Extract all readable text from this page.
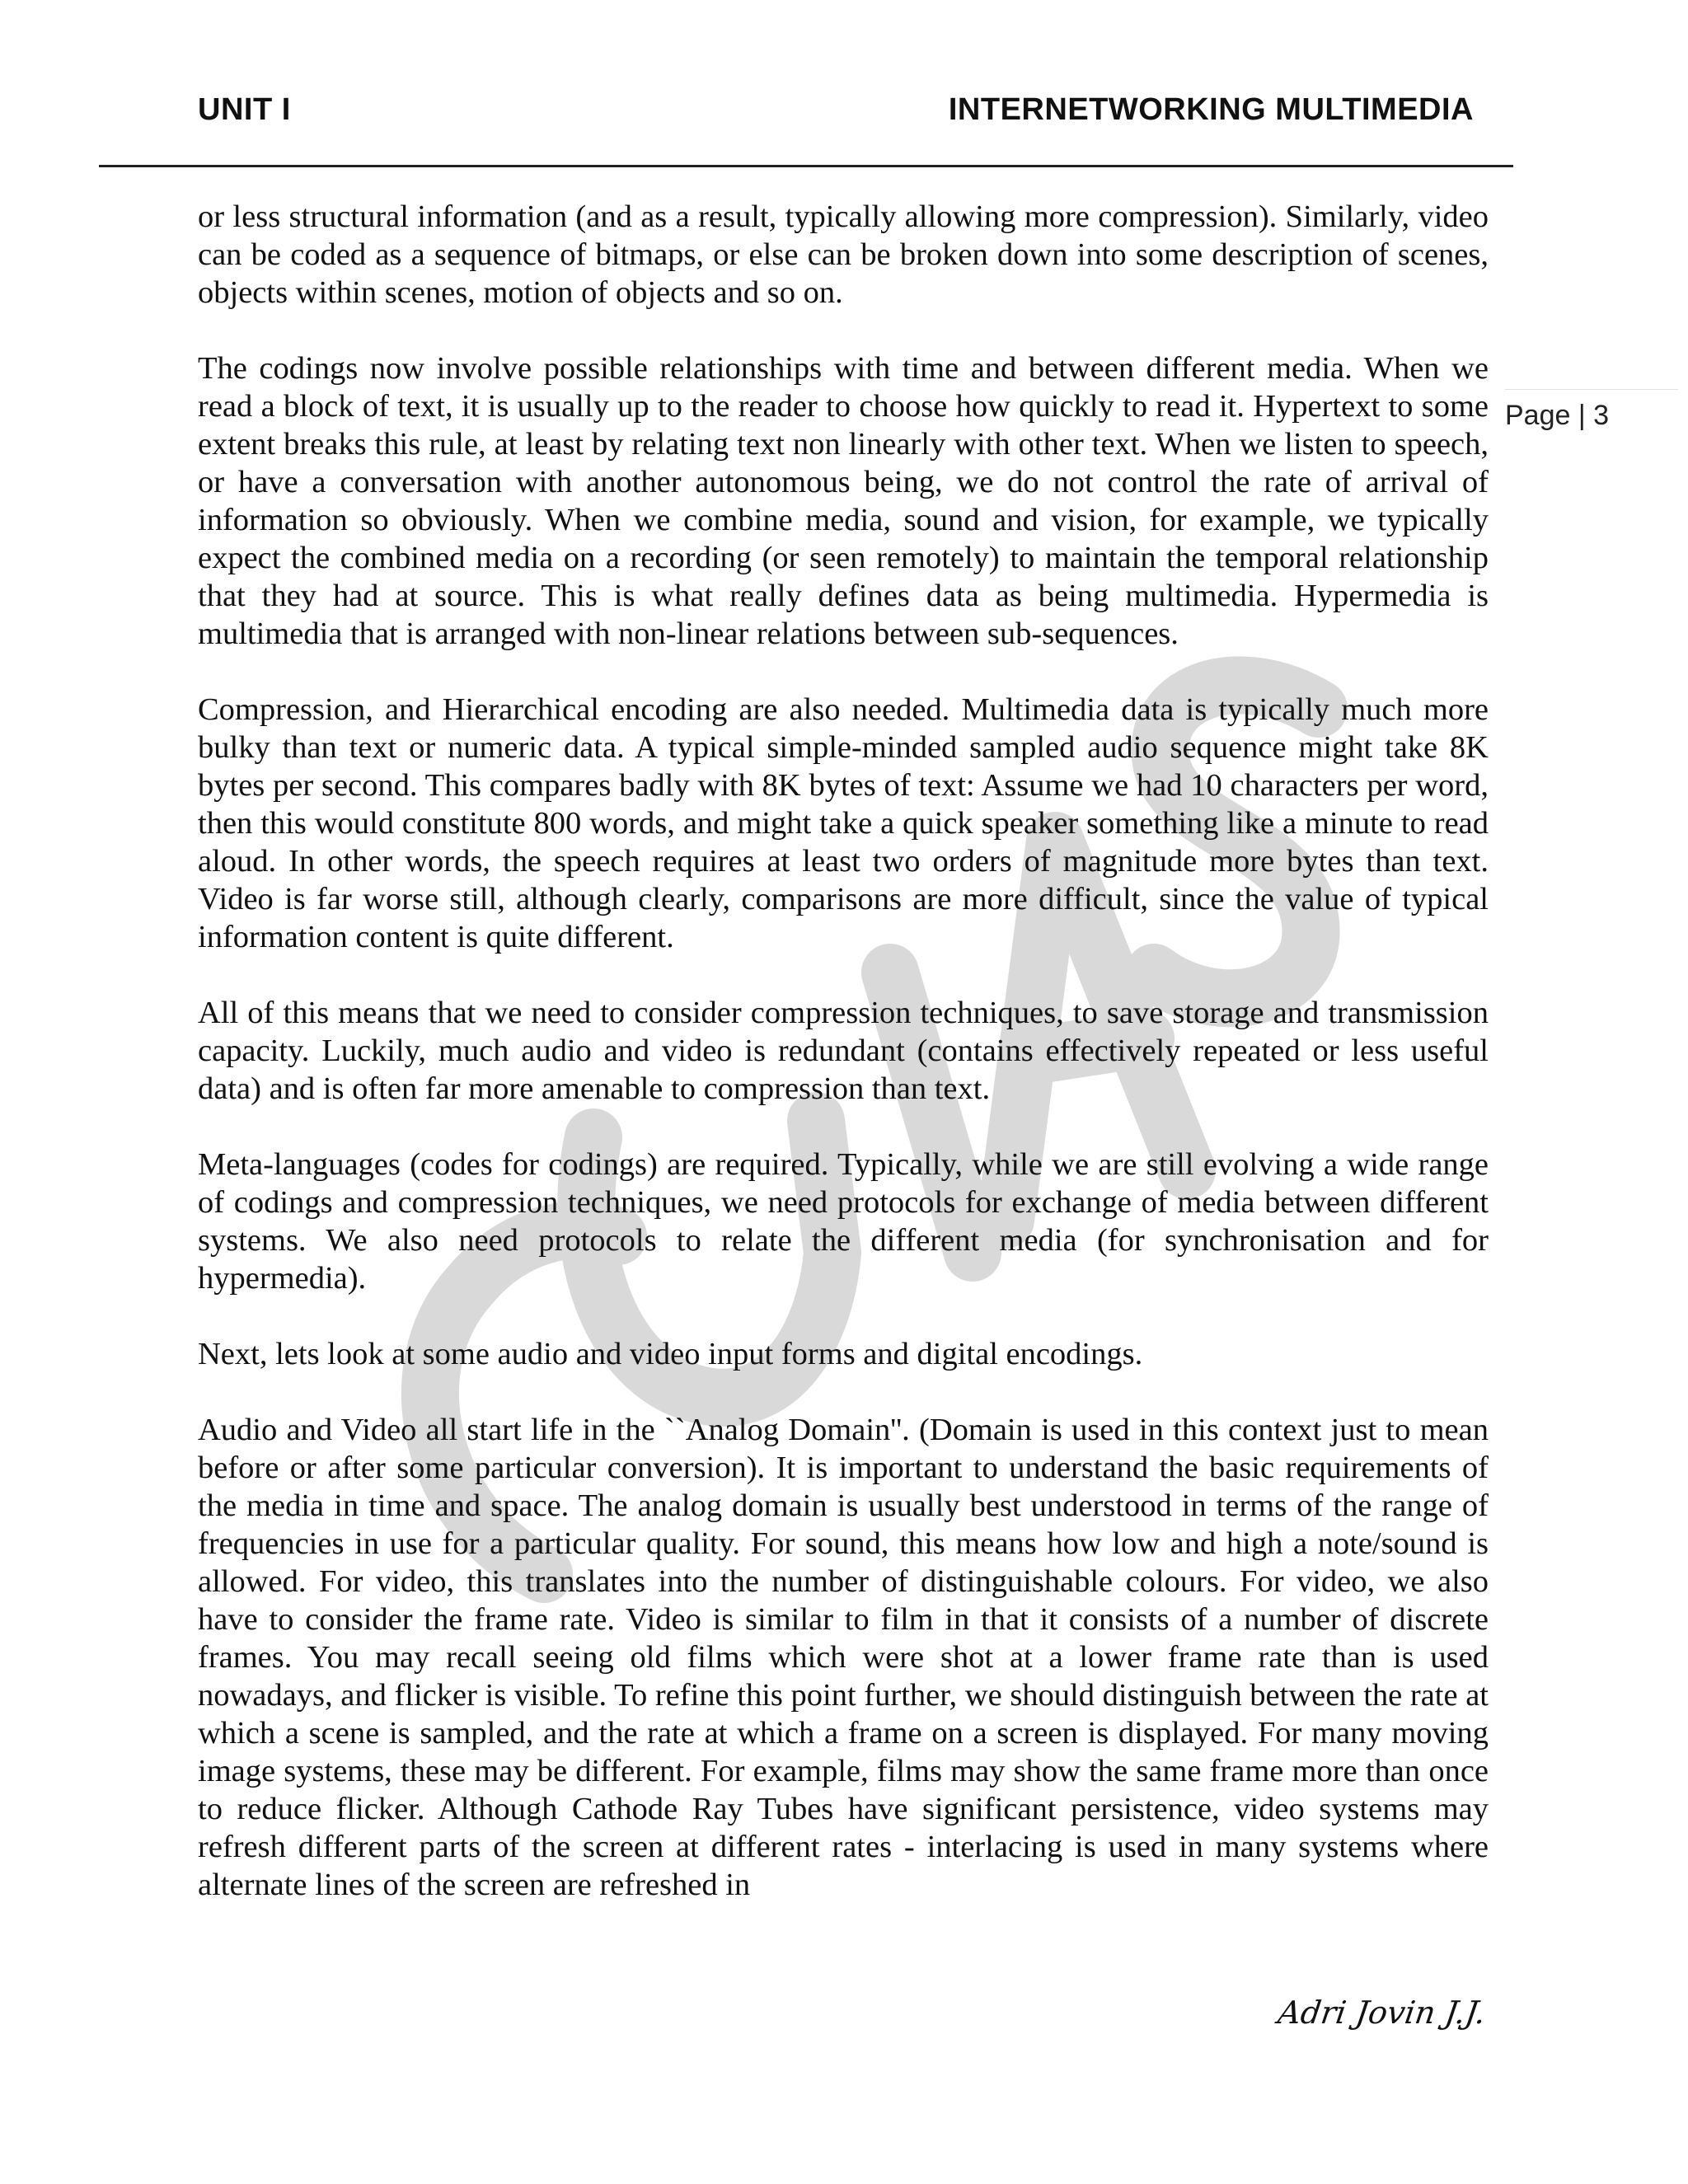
UNIT I	INTERNETWORKING MULTIMEDIA
Page | 3

or less structural information (and as a result, typically allowing more compression). Similarly, video can be coded as a sequence of bitmaps, or else can be broken down into some description of scenes, objects within scenes, motion of objects and so on.

The codings now involve possible relationships with time and between different media. When we read a block of text, it is usually up to the reader to choose how quickly to read it. Hypertext to some extent breaks this rule, at least by relating text non linearly with other text. When we listen to speech, or have a conversation with another autonomous being, we do not control the rate of arrival of information so obviously. When we combine media, sound and vision, for example, we typically expect the combined media on a recording (or seen remotely) to maintain the temporal relationship that they had at source. This is what really defines data as being multimedia. Hypermedia is multimedia that is arranged with non-linear relations between sub-sequences.

Compression, and Hierarchical encoding are also needed. Multimedia data is typically much more bulky than text or numeric data. A typical simple-minded sampled audio sequence might take 8K bytes per second. This compares badly with 8K bytes of text: Assume we had 10 characters per word, then this would constitute 800 words, and might take a quick speaker something like a minute to read aloud. In other words, the speech requires at least two orders of magnitude more bytes than text. Video is far worse still, although clearly, comparisons are more difficult, since the value of typical information content is quite different.

All of this means that we need to consider compression techniques, to save storage and transmission capacity. Luckily, much audio and video is redundant (contains effectively repeated or less useful data) and is often far more amenable to compression than text.

Meta-languages (codes for codings) are required. Typically, while we are still evolving a wide range of codings and compression techniques, we need protocols for exchange of media between different systems. We also need protocols to relate the different media (for synchronisation and for hypermedia).

Next, lets look at some audio and video input forms and digital encodings.

Audio and Video all start life in the ``Analog Domain''. (Domain is used in this context just to mean before or after some particular conversion). It is important to understand the basic requirements of the media in time and space. The analog domain is usually best understood in terms of the range of frequencies in use for a particular quality. For sound, this means how low and high a note/sound is allowed. For video, this translates into the number of distinguishable colours. For video, we also have to consider the frame rate. Video is similar to film in that it consists of a number of discrete frames. You may recall seeing old films which were shot at a lower frame rate than is used nowadays, and flicker is visible. To refine this point further, we should distinguish between the rate at which a scene is sampled, and the rate at which a frame on a screen is displayed. For many moving image systems, these may be different. For example, films may show the same frame more than once to reduce flicker. Although Cathode Ray Tubes have significant persistence, video systems may refresh different parts of the screen at different rates - interlacing is used in many systems where alternate lines of the screen are refreshed in

Adri Jovin J.J.
